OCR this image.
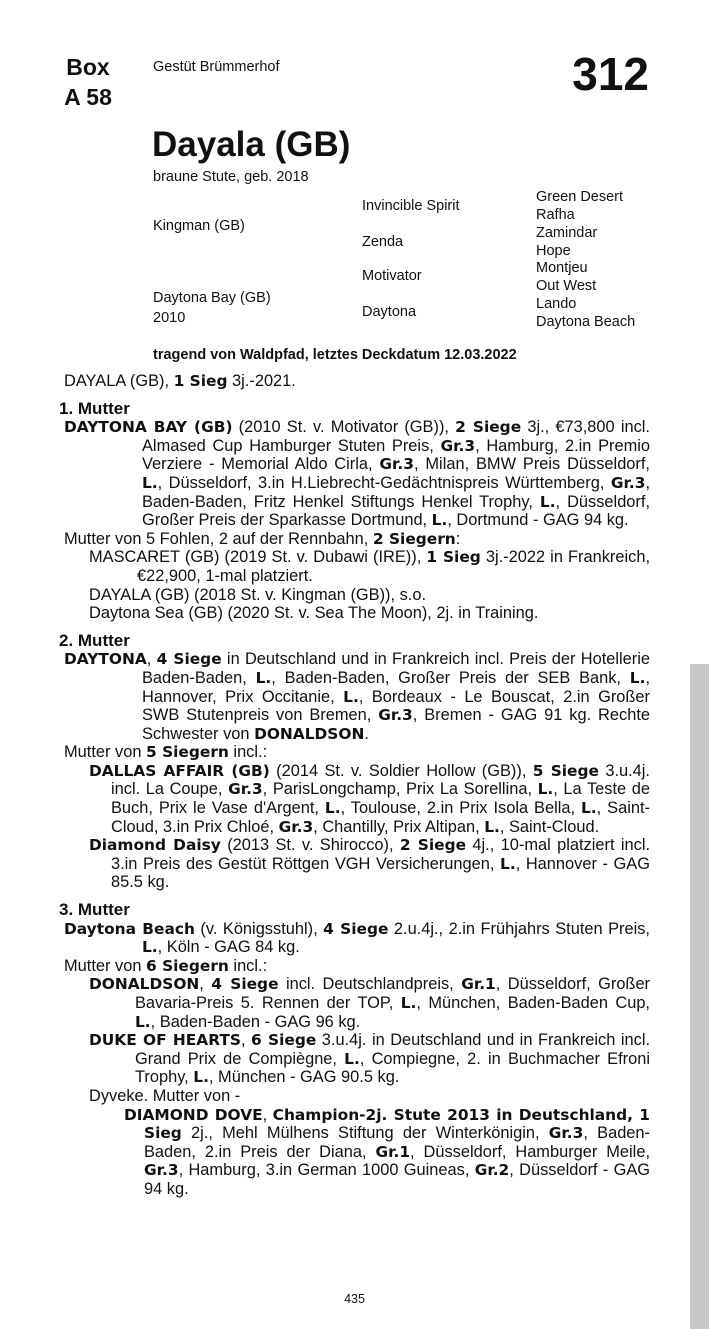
Box
A 58
Gestüt Brümmerhof	312
Dayala (GB)
braune Stute, geb. 2018
Kingman (GB)
Daytona Bay (GB)
2010
Invincible Spirit
Zenda
Motivator
Daytona
Green Desert
Rafha
Zamindar
Hope
Montjeu
Out West
Lando
Daytona Beach
tragend von Waldpfad, letztes Deckdatum 12.03.2022

DAYALA (GB), 1 Sieg 3j.-2021.

1. Mutter

DAYTONA BAY (GB) (2010 St. v. Motivator (GB)), 2 Siege 3j., €73,800 incl. Almased Cup Hamburger Stuten Preis, Gr.3, Hamburg, 2.in Premio Verziere - Memorial Aldo Cirla, Gr.3, Milan, BMW Preis Düsseldorf, L., Düsseldorf, 3.in H.Liebrecht-Gedächtnispreis Württemberg, Gr.3, Baden-Baden, Fritz Henkel Stiftungs Henkel Trophy, L., Düsseldorf, Großer Preis der Sparkasse Dortmund, L., Dortmund - GAG 94 kg.

Mutter von 5 Fohlen, 2 auf der Rennbahn, 2 Siegern:

MASCARET (GB) (2019 St. v. Dubawi (IRE)), 1 Sieg 3j.-2022 in Frankreich, €22,900, 1-mal platziert.

DAYALA (GB) (2018 St. v. Kingman (GB)), s.o.

Daytona Sea (GB) (2020 St. v. Sea The Moon), 2j. in Training.

2. Mutter

DAYTONA, 4 Siege in Deutschland und in Frankreich incl. Preis der Hotellerie Baden-Baden, L., Baden-Baden, Großer Preis der SEB Bank, L., Hannover, Prix Occitanie, L., Bordeaux - Le Bouscat, 2.in Großer SWB Stutenpreis von Bremen, Gr.3, Bremen - GAG 91 kg. Rechte Schwester von DONALDSON.

Mutter von 5 Siegern incl.:

DALLAS AFFAIR (GB) (2014 St. v. Soldier Hollow (GB)), 5 Siege 3.u.4j. incl. La Coupe, Gr.3, ParisLongchamp, Prix La Sorellina, L., La Teste de Buch, Prix le Vase d'Argent, L., Toulouse, 2.in Prix Isola Bella, L., Saint-Cloud, 3.in Prix Chloé, Gr.3, Chantilly, Prix Altipan, L., Saint-Cloud.

Diamond Daisy (2013 St. v. Shirocco), 2 Siege 4j., 10-mal platziert incl. 3.in Preis des Gestüt Röttgen VGH Versicherungen, L., Hannover - GAG 85.5 kg.

3. Mutter

Daytona Beach (v. Königsstuhl), 4 Siege 2.u.4j., 2.in Frühjahrs Stuten Preis, L., Köln - GAG 84 kg.

Mutter von 6 Siegern incl.:

DONALDSON, 4 Siege incl. Deutschlandpreis, Gr.1, Düsseldorf, Großer Bavaria-Preis 5. Rennen der TOP, L., München, Baden-Baden Cup, L., Baden-Baden - GAG 96 kg.

DUKE OF HEARTS, 6 Siege 3.u.4j. in Deutschland und in Frankreich incl. Grand Prix de Compiègne, L., Compiegne, 2. in Buchmacher Efroni Trophy, L., München - GAG 90.5 kg.

Dyveke. Mutter von -

DIAMOND DOVE, Champion-2j. Stute 2013 in Deutschland, 1 Sieg 2j., Mehl Mülhens Stiftung der Winterkönigin, Gr.3, Baden-Baden, 2.in Preis der Diana, Gr.1, Düsseldorf, Hamburger Meile, Gr.3, Hamburg, 3.in German 1000 Guineas, Gr.2, Düsseldorf - GAG 94 kg.

435
